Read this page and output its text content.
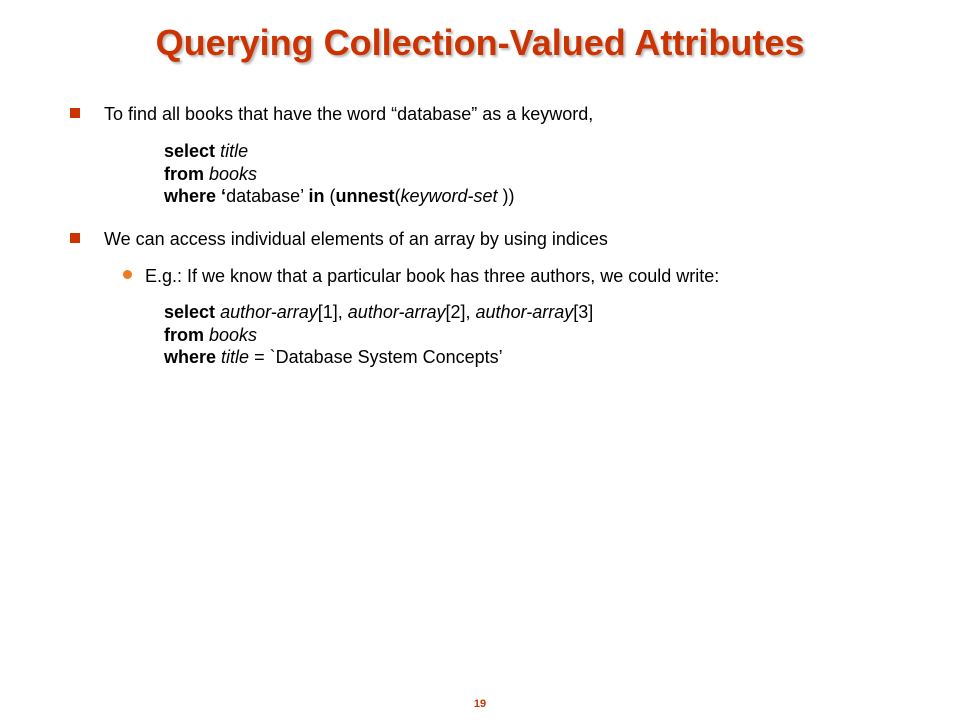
Querying Collection-Valued Attributes
To find all books that have the word “database” as a keyword,
select title
from books
where ‘database’ in (unnest(keyword-set ))
We can access individual elements of an array by using indices
E.g.: If we know that a particular book has three authors, we could write:
select author-array[1], author-array[2], author-array[3]
from books
where title = `Database System Concepts’
19
